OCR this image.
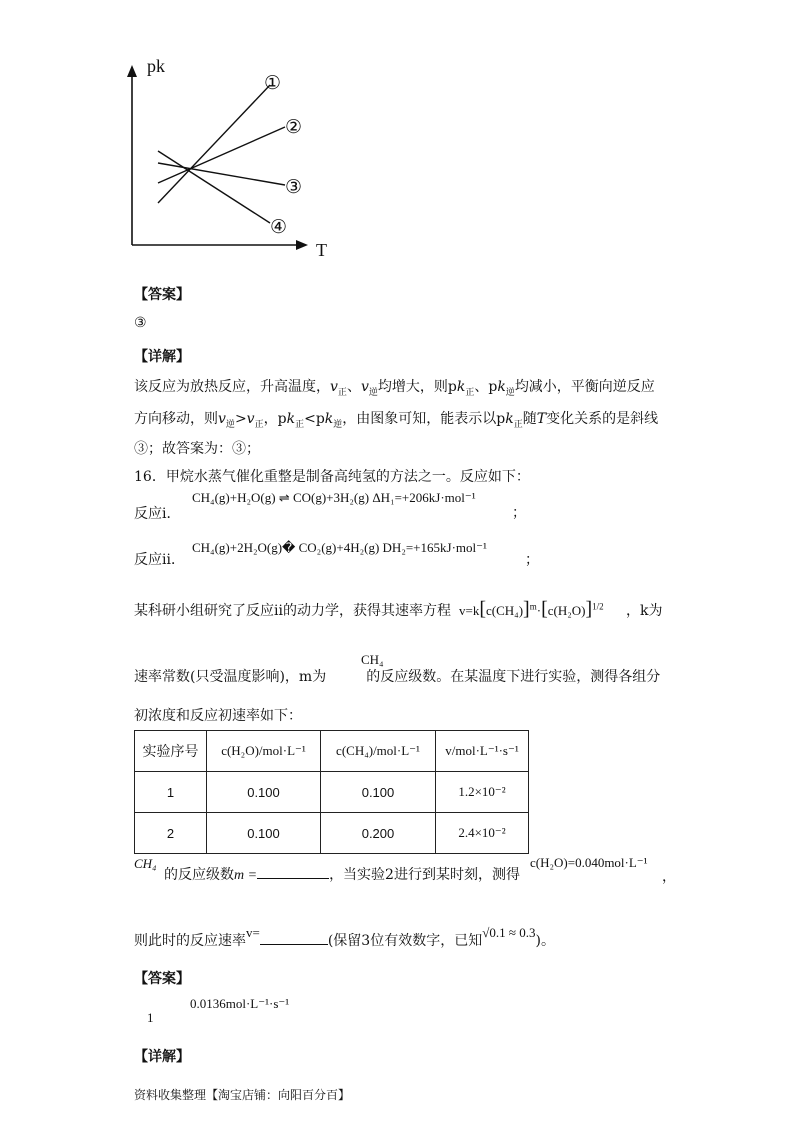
pk
T
①
②
③
④
【答案】
③
【详解】
该反应为放热反应，升高温度，$v_正$、$v_逆$均增大，则$pk_正$、$pk_逆$均减小，平衡向逆反应
方向移动，则$v_逆>v_正$，$pk_正<pk_逆$，由图象可知，能表示以$pk_正$随T变化关系的是斜线
③；故答案为：③；
16．甲烷水蒸气催化重整是制备高纯氢的方法之一。反应如下：
反应ⅰ．
CH₄(g)+H₂O(g) ⇌ CO(g)+3H₂(g) ΔH₁=+206kJ·mol⁻¹
；
反应ⅱ．
CH₄(g)+2H₂O(g)� CO₂(g)+4H₂(g) DH₂=+165kJ·mol⁻¹
；
某科研小组研究了反应ⅱ的动力学，获得其速率方程 $v=k[c(CH_4)]^m\cdot[c(H_2O)]^{1/2}$ ，k为
速率常数(只受温度影响)，m为	的反应级数。在某温度下进行实验，测得各组分
CH₄
初浓度和反应初速率如下：
实验序号	c(H₂O)/mol·L⁻¹	c(CH₄)/mol·L⁻¹	v/mol·L⁻¹·s⁻¹
1	0.100	0.100	1.2×10⁻²
2	0.100	0.200	2.4×10⁻²
CH₄
的反应级数m =	，当实验2进行到某时刻，测得
c(H₂O)=0.040mol·L⁻¹
，
则此时的反应速率v=(保留3位有效数字，已知√0.1 ≈ 0.3)。
【答案】
1
0.0136mol·L⁻¹·s⁻¹
【详解】
资料收集整理【淘宝店铺：向阳百分百】
